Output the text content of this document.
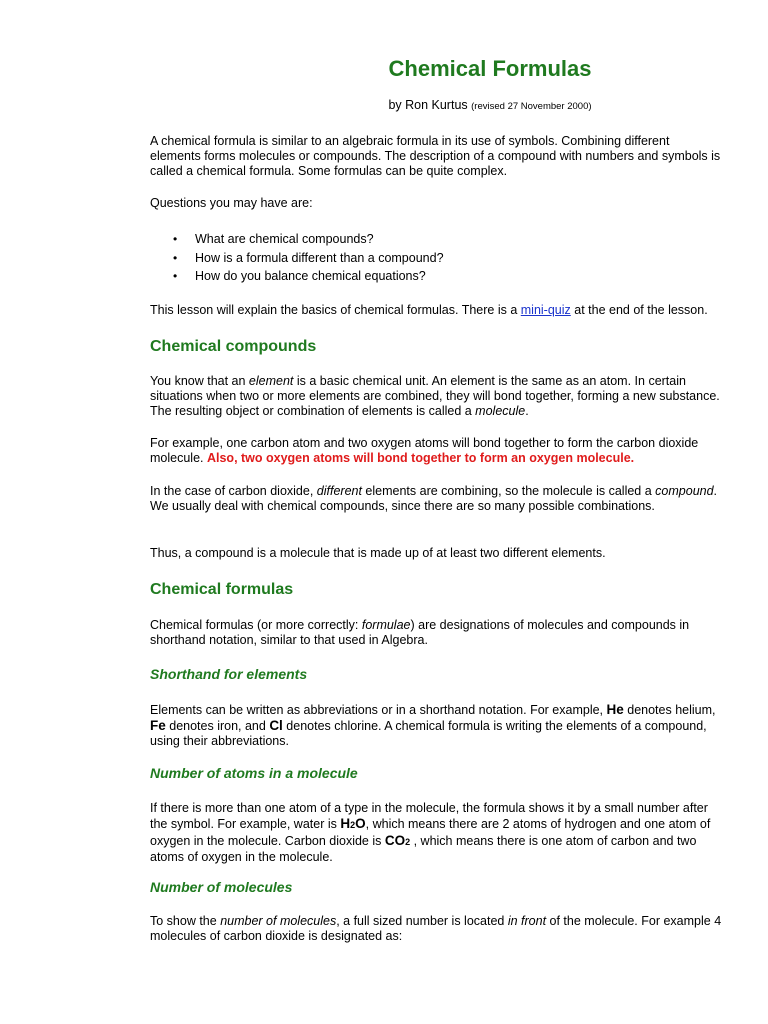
Chemical Formulas
by Ron Kurtus (revised 27 November 2000)

A chemical formula is similar to an algebraic formula in its use of symbols. Combining different elements forms molecules or compounds. The description of a compound with numbers and symbols is called a chemical formula. Some formulas can be quite complex.

Questions you may have are:

• What are chemical compounds?
• How is a formula different than a compound?
• How do you balance chemical equations?

This lesson will explain the basics of chemical formulas. There is a mini-quiz at the end of the lesson.

Chemical compounds

You know that an element is a basic chemical unit. An element is the same as an atom. In certain situations when two or more elements are combined, they will bond together, forming a new substance. The resulting object or combination of elements is called a molecule.

For example, one carbon atom and two oxygen atoms will bond together to form the carbon dioxide molecule. Also, two oxygen atoms will bond together to form an oxygen molecule.

In the case of carbon dioxide, different elements are combining, so the molecule is called a compound. We usually deal with chemical compounds, since there are so many possible combinations.

Thus, a compound is a molecule that is made up of at least two different elements.

Chemical formulas

Chemical formulas (or more correctly: formulae) are designations of molecules and compounds in shorthand notation, similar to that used in Algebra.

Shorthand for elements

Elements can be written as abbreviations or in a shorthand notation. For example, He denotes helium, Fe denotes iron, and Cl denotes chlorine. A chemical formula is writing the elements of a compound, using their abbreviations.

Number of atoms in a molecule

If there is more than one atom of a type in the molecule, the formula shows it by a small number after the symbol. For example, water is H2O, which means there are 2 atoms of hydrogen and one atom of oxygen in the molecule. Carbon dioxide is CO2 , which means there is one atom of carbon and two atoms of oxygen in the molecule.

Number of molecules

To show the number of molecules, a full sized number is located in front of the molecule. For example 4 molecules of carbon dioxide is designated as:
